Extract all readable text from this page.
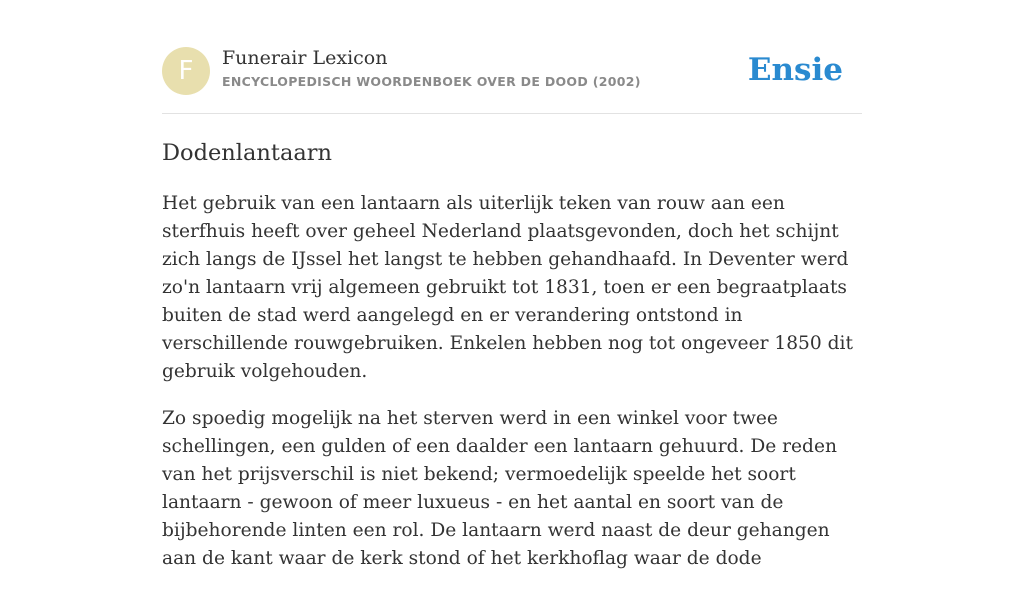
F	Funerair Lexicon
ENCYCLOPEDISCH WOORDENBOEK OVER DE DOOD (2002)	Ensie
Dodenlantaarn

Het gebruik van een lantaarn als uiterlijk teken van rouw aan een sterfhuis heeft over geheel Nederland plaatsgevonden, doch het schijnt zich langs de IJssel het langst te hebben gehandhaafd. In Deventer werd zo'n lantaarn vrij algemeen gebruikt tot 1831, toen er een begraatplaats buiten de stad werd aangelegd en er verandering ontstond in verschillende rouwgebruiken. Enkelen hebben nog tot ongeveer 1850 dit gebruik volgehouden.

Zo spoedig mogelijk na het sterven werd in een winkel voor twee schellingen, een gulden of een daalder een lantaarn gehuurd. De reden van het prijsverschil is niet bekend; vermoedelijk speelde het soort lantaarn - gewoon of meer luxueus - en het aantal en soort van de bijbehorende linten een rol. De lantaarn werd naast de deur gehangen aan de kant waar de kerk stond of het kerkhoflag waar de dode
